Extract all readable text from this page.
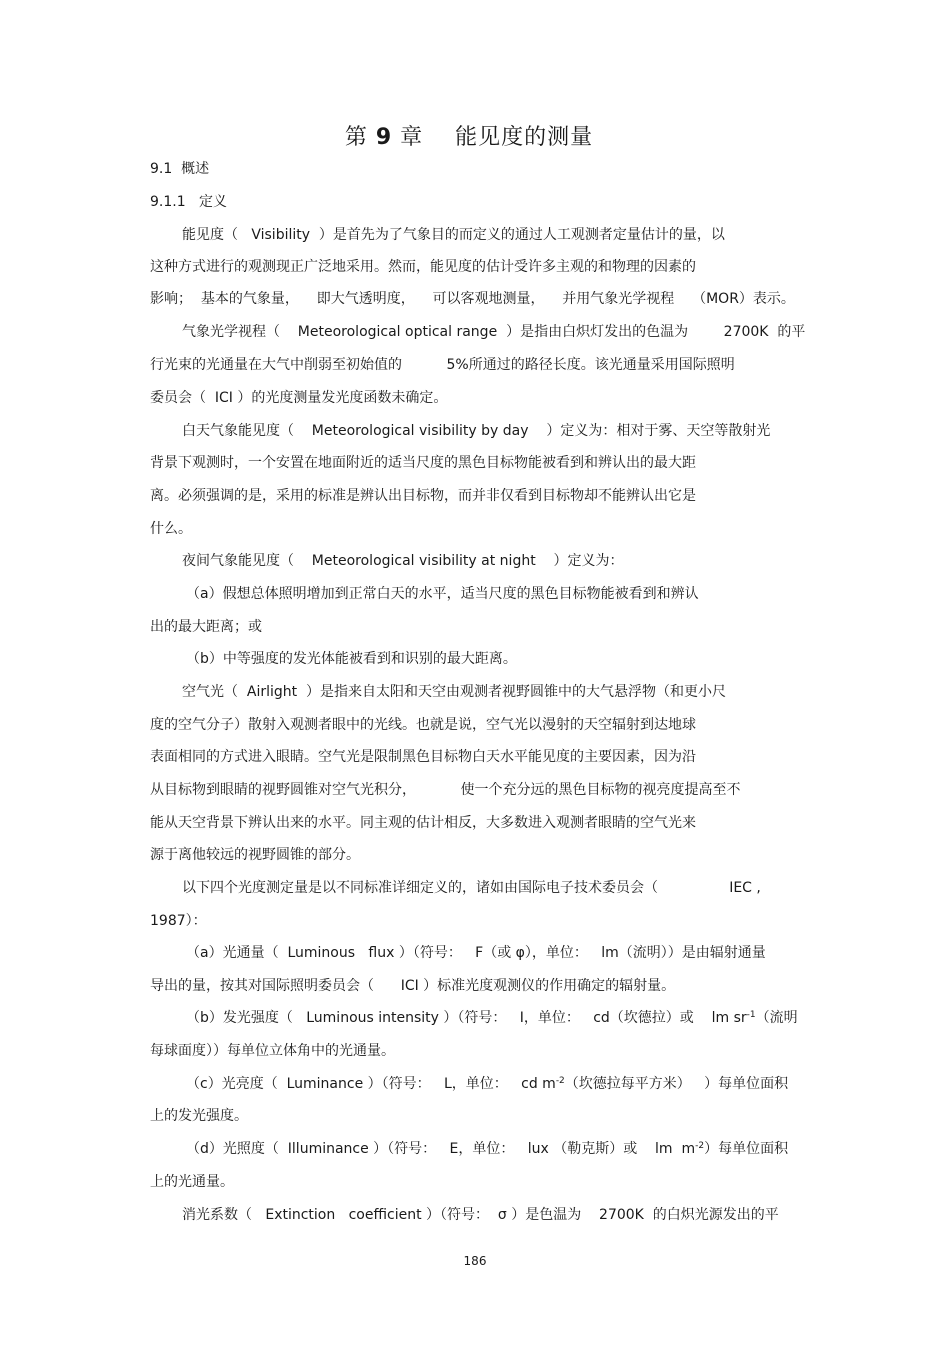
第 9 章 能见度的测量
9.1  概述
9.1.1   定义
能见度（   Visibility  ）是首先为了气象目的而定义的通过人工观测者定量估计的量，以
这种方式进行的观测现正广泛地采用。然而，能见度的估计受许多主观的和物理的因素的
影响；  基本的气象量，    即大气透明度，    可以客观地测量，    并用气象光学视程    （MOR）表示。
气象光学视程（    Meteorological optical range  ）是指由白炽灯发出的色温为        2700K  的平
行光束的光通量在大气中削弱至初始值的          5%所通过的路径长度。该光通量采用国际照明
委员会（  ICI ）的光度测量发光度函数未确定。
白天气象能见度（    Meteorological visibility by day    ）定义为：相对于雾、天空等散射光
背景下观测时，一个安置在地面附近的适当尺度的黑色目标物能被看到和辨认出的最大距
离。必须强调的是，采用的标准是辨认出目标物，而并非仅看到目标物却不能辨认出它是
什么。
夜间气象能见度（    Meteorological visibility at night    ）定义为：
（a）假想总体照明增加到正常白天的水平，适当尺度的黑色目标物能被看到和辨认
出的最大距离；或
（b）中等强度的发光体能被看到和识别的最大距离。
空气光（  Airlight  ）是指来自太阳和天空由观测者视野圆锥中的大气悬浮物（和更小尺
度的空气分子）散射入观测者眼中的光线。也就是说，空气光以漫射的天空辐射到达地球
表面相同的方式进入眼睛。空气光是限制黑色目标物白天水平能见度的主要因素，因为沿
从目标物到眼睛的视野圆锥对空气光积分，          使一个充分远的黑色目标物的视亮度提高至不
能从天空背景下辨认出来的水平。同主观的估计相反，大多数进入观测者眼睛的空气光来
源于离他较远的视野圆锥的部分。
以下四个光度测定量是以不同标准详细定义的，诸如由国际电子技术委员会（                IEC ,
1987）：
（a）光通量（  Luminous   flux ）（符号：   F（或 φ），单位：   lm（流明））是由辐射通量
导出的量，按其对国际照明委员会（      ICI ）标准光度观测仪的作用确定的辐射量。
（b）发光强度（   Luminous intensity ）（符号：   I，单位：   cd（坎德拉）或    lm $sr^{-1}$（流明
每球面度））每单位立体角中的光通量。
（c）光亮度（  Luminance ）（符号：   L，单位：   cd $m^{-2}$（坎德拉每平方米）   ）每单位面积
上的发光强度。
（d）光照度（  Illuminance ）（符号：   E，单位：   lux （勒克斯）或    lm  $m^{-2}$）每单位面积
上的光通量。
消光系数（   Extinction   coefficient ）（符号：  σ ）是色温为    2700K  的白炽光源发出的平
186
